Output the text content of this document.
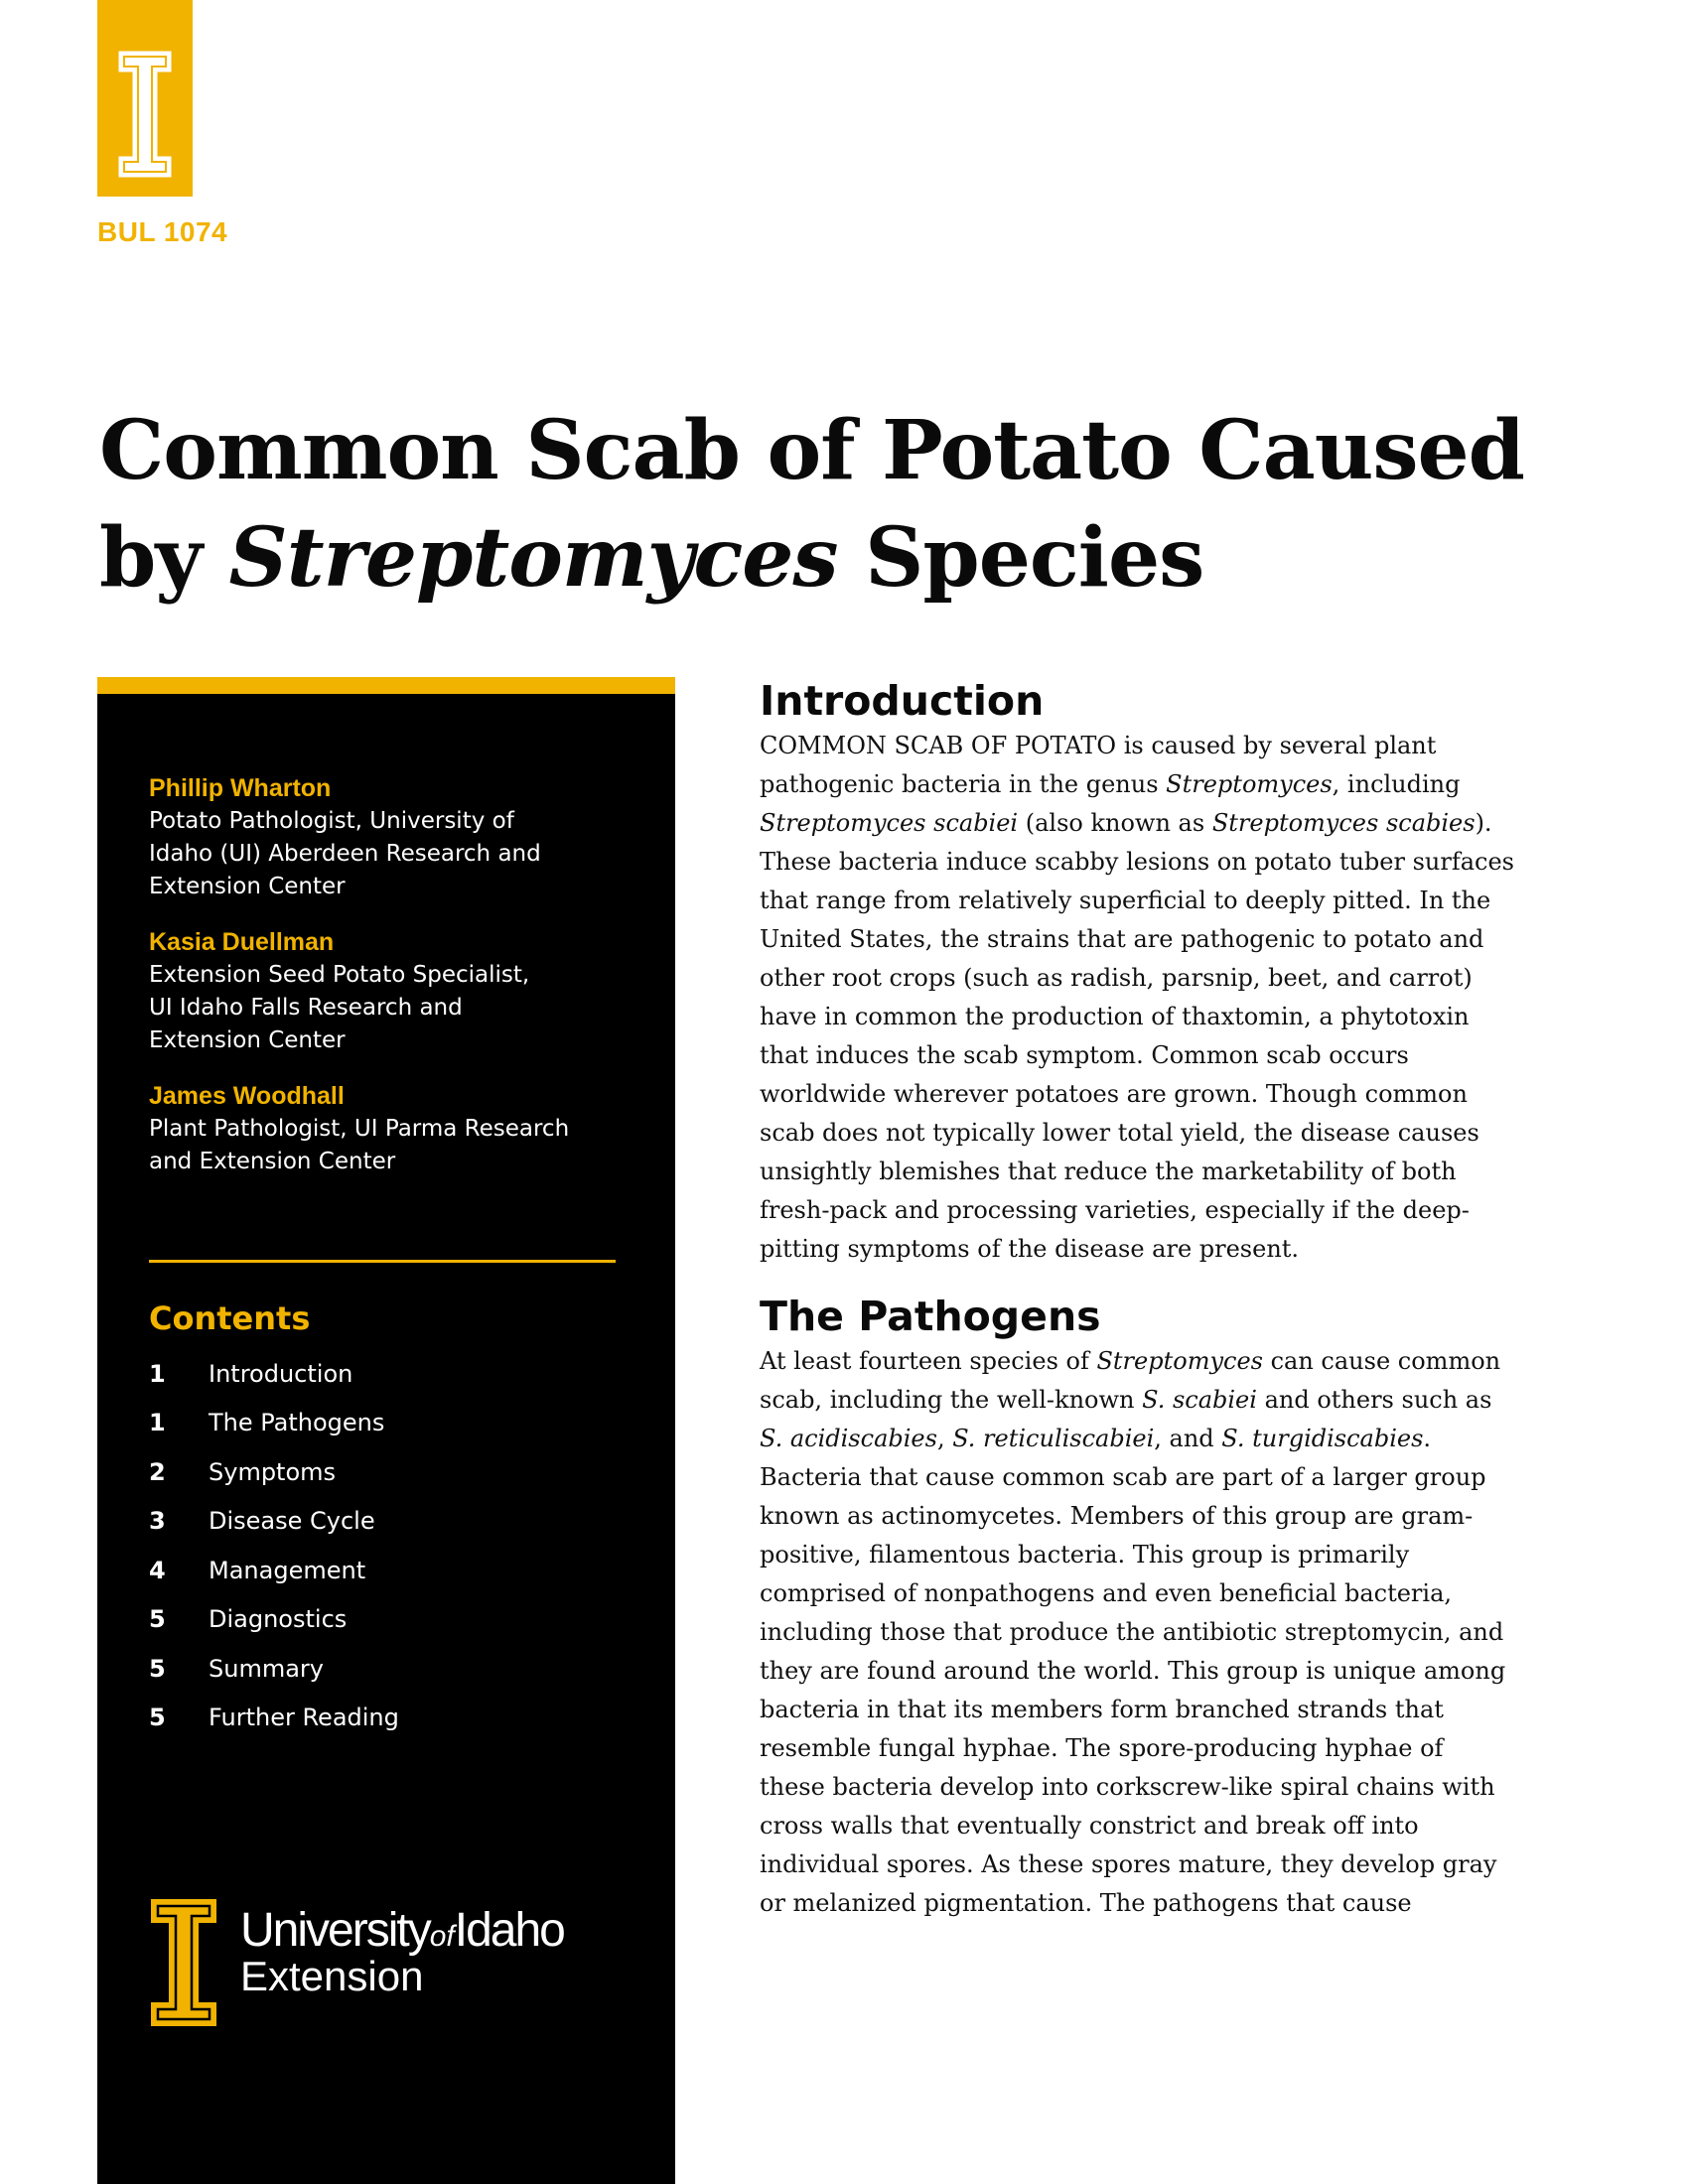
BUL 1074
Common Scab of Potato Caused
by Streptomyces Species
Phillip Wharton
Potato Pathologist, University of
Idaho (UI) Aberdeen Research and
Extension Center
Kasia Duellman
Extension Seed Potato Specialist,
UI Idaho Falls Research and
Extension Center
James Woodhall
Plant Pathologist, UI Parma Research
and Extension Center
Contents
1	Introduction
1	The Pathogens
2	Symptoms
3	Disease Cycle
4	Management
5	Diagnostics
5	Summary
5	Further Reading
UniversityofIdaho
Extension
Introduction

COMMON SCAB OF POTATO is caused by several plant pathogenic bacteria in the genus Streptomyces, including Streptomyces scabiei (also known as Streptomyces scabies). These bacteria induce scabby lesions on potato tuber surfaces that range from relatively superficial to deeply pitted. In the United States, the strains that are pathogenic to potato and other root crops (such as radish, parsnip, beet, and carrot) have in common the production of thaxtomin, a phytotoxin that induces the scab symptom. Common scab occurs worldwide wherever potatoes are grown. Though common scab does not typically lower total yield, the disease causes unsightly blemishes that reduce the marketability of both fresh-pack and processing varieties, especially if the deep-pitting symptoms of the disease are present.

The Pathogens

At least fourteen species of Streptomyces can cause common scab, including the well-known S. scabiei and others such as S. acidiscabies, S. reticuliscabiei, and S. turgidiscabies. Bacteria that cause common scab are part of a larger group known as actinomycetes. Members of this group are gram-positive, filamentous bacteria. This group is primarily comprised of nonpathogens and even beneficial bacteria, including those that produce the antibiotic streptomycin, and they are found around the world. This group is unique among bacteria in that its members form branched strands that resemble fungal hyphae. The spore-producing hyphae of these bacteria develop into corkscrew-like spiral chains with cross walls that eventually constrict and break off into individual spores. As these spores mature, they develop gray or melanized pigmentation. The pathogens that cause
